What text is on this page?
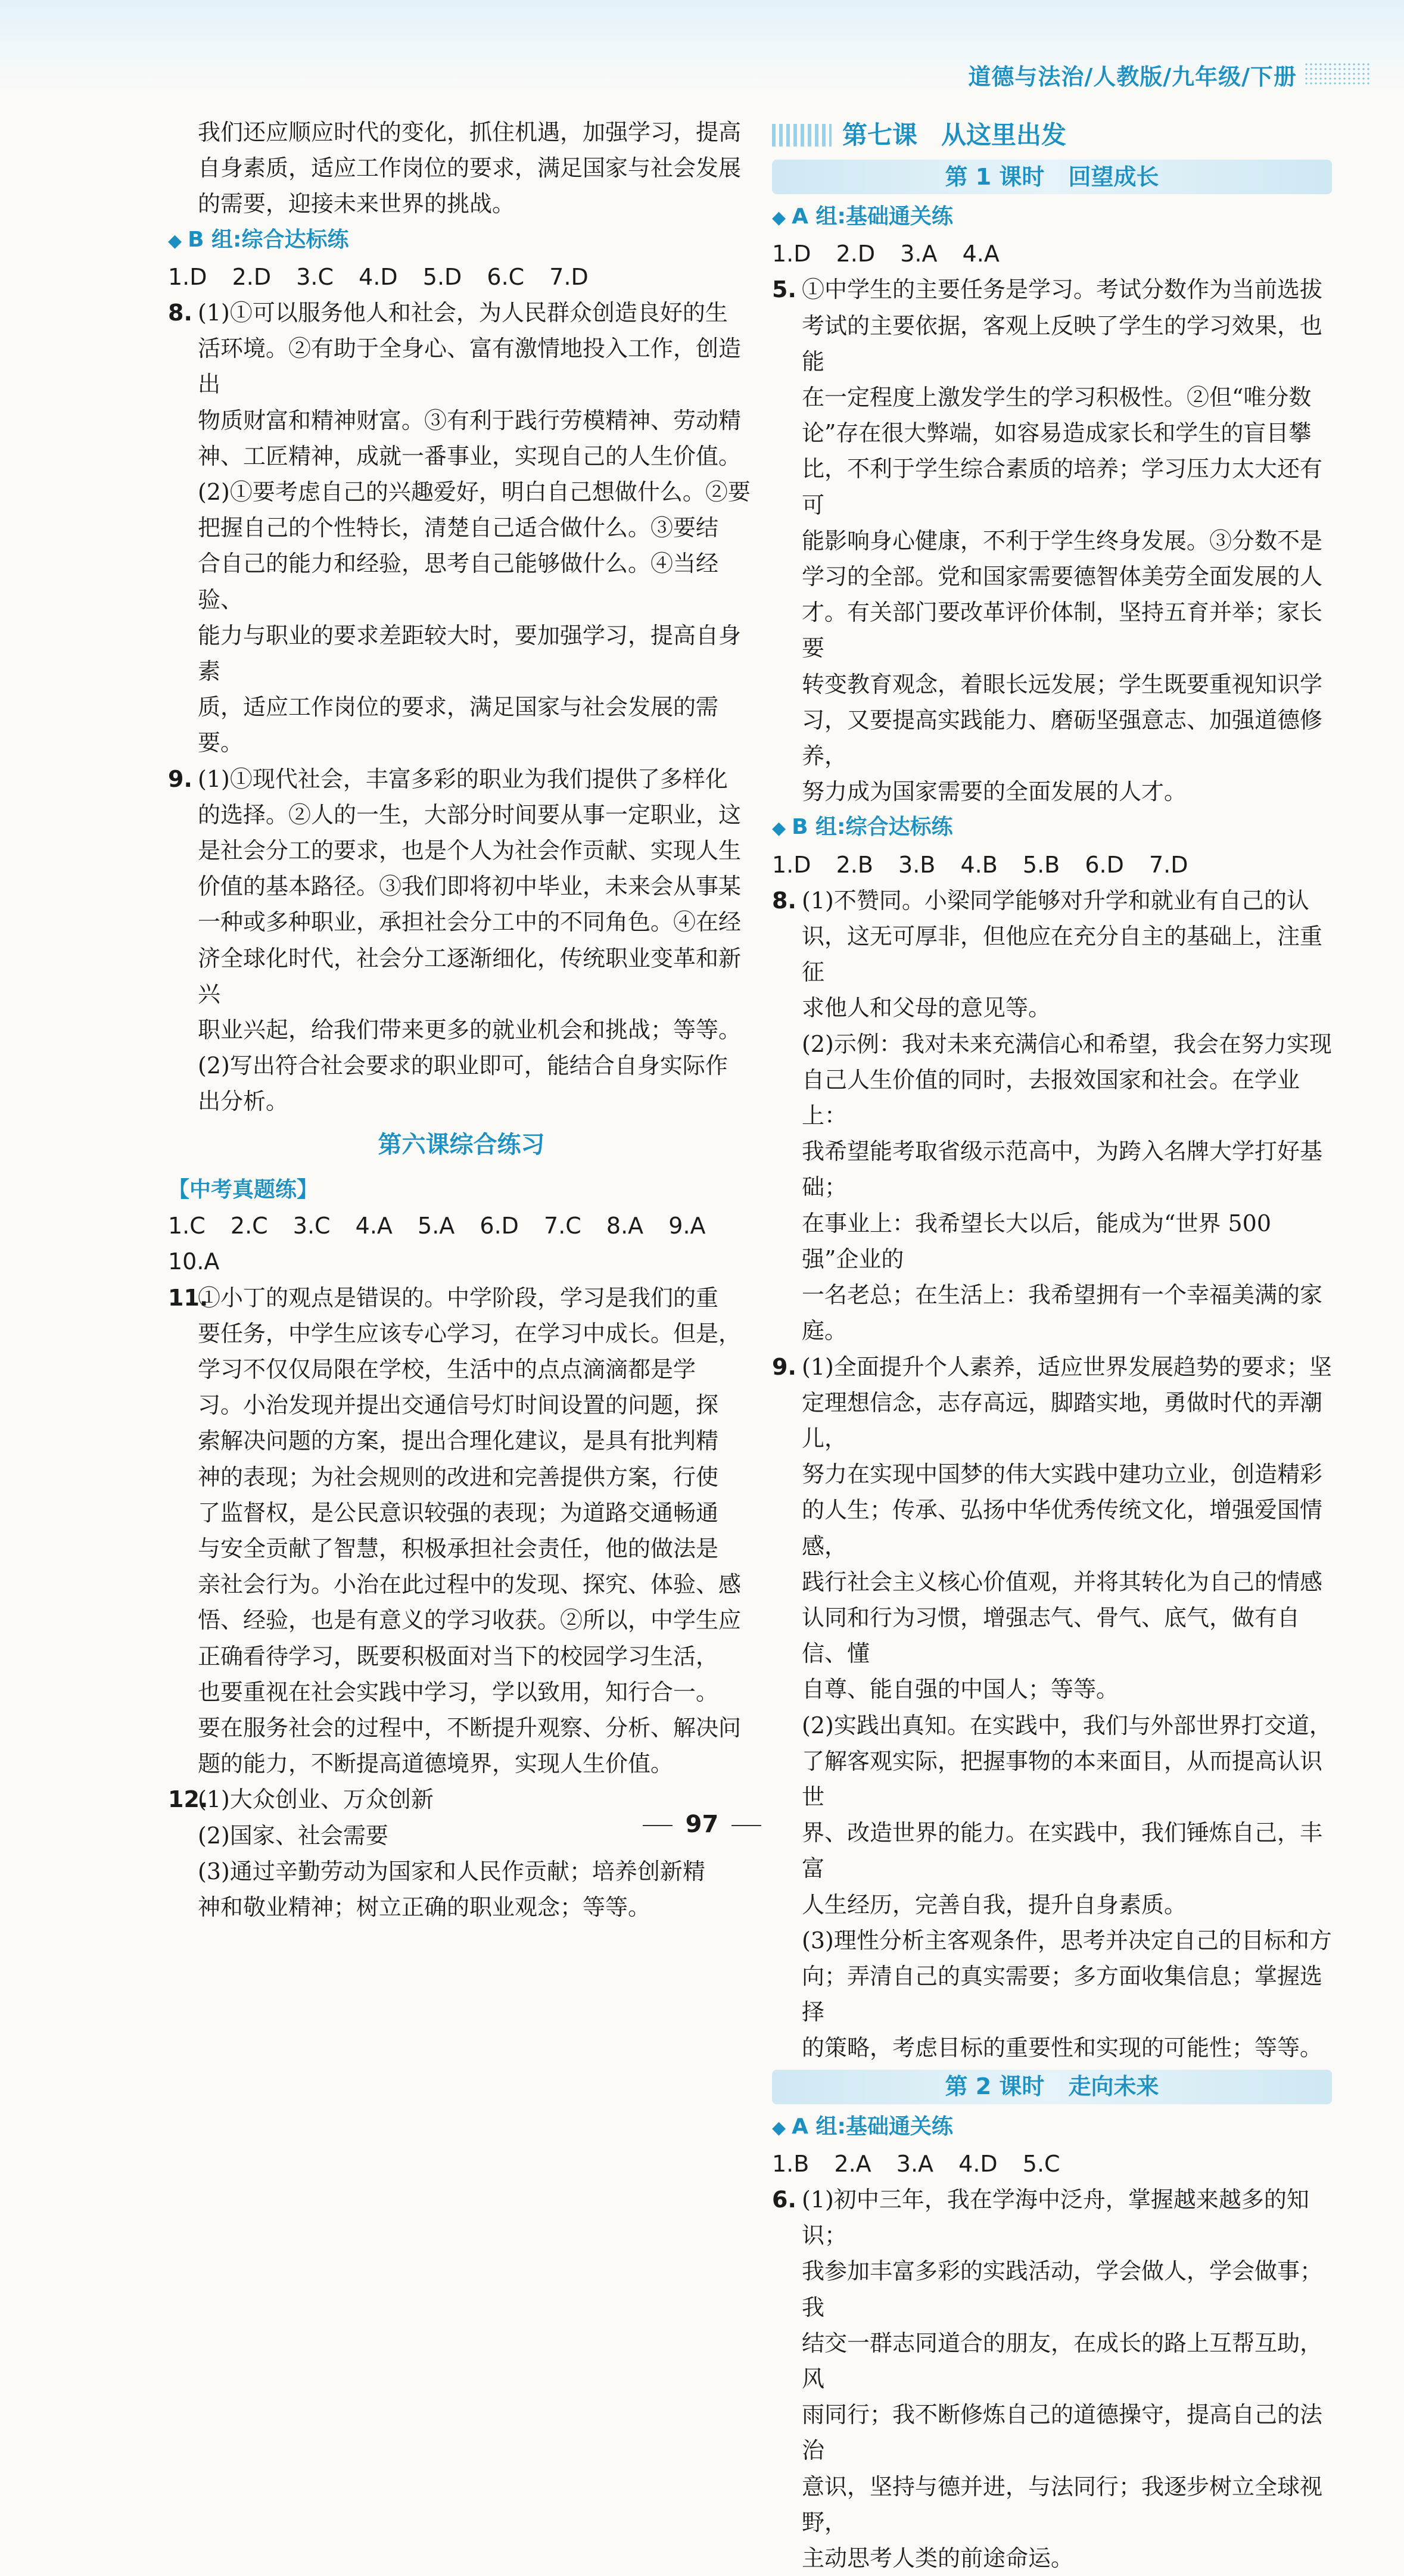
道德与法治/人教版/九年级/下册

我们还应顺应时代的变化，抓住机遇，加强学习，提高

自身素质，适应工作岗位的要求，满足国家与社会发展

的需要，迎接未来世界的挑战。

◆ B 组:综合达标练
1.D 2.D 3.C 4.D 5.D 6.C 7.D

8. (1)①可以服务他人和社会，为人民群众创造良好的生

活环境。②有助于全身心、富有激情地投入工作，创造出

物质财富和精神财富。③有利于践行劳模精神、劳动精

神、工匠精神，成就一番事业，实现自己的人生价值。

(2)①要考虑自己的兴趣爱好，明白自己想做什么。②要

把握自己的个性特长，清楚自己适合做什么。③要结

合自己的能力和经验，思考自己能够做什么。④当经验、

能力与职业的要求差距较大时，要加强学习，提高自身素

质，适应工作岗位的要求，满足国家与社会发展的需要。

9. (1)①现代社会，丰富多彩的职业为我们提供了多样化

的选择。②人的一生，大部分时间要从事一定职业，这

是社会分工的要求，也是个人为社会作贡献、实现人生

价值的基本路径。③我们即将初中毕业，未来会从事某

一种或多种职业，承担社会分工中的不同角色。④在经

济全球化时代，社会分工逐渐细化，传统职业变革和新兴

职业兴起，给我们带来更多的就业机会和挑战；等等。

(2)写出符合社会要求的职业即可，能结合自身实际作

出分析。

第六课综合练习
【中考真题练】
1.C 2.C 3.C 4.A 5.A 6.D 7.C 8.A 9.A
10.A

11.①小丁的观点是错误的。中学阶段，学习是我们的重

要任务，中学生应该专心学习，在学习中成长。但是，

学习不仅仅局限在学校，生活中的点点滴滴都是学

习。小治发现并提出交通信号灯时间设置的问题，探

索解决问题的方案，提出合理化建议，是具有批判精

神的表现；为社会规则的改进和完善提供方案，行使

了监督权，是公民意识较强的表现；为道路交通畅通

与安全贡献了智慧，积极承担社会责任，他的做法是

亲社会行为。小治在此过程中的发现、探究、体验、感

悟、经验，也是有意义的学习收获。②所以，中学生应

正确看待学习，既要积极面对当下的校园学习生活，

也要重视在社会实践中学习，学以致用，知行合一。

要在服务社会的过程中，不断提升观察、分析、解决问

题的能力，不断提高道德境界，实现人生价值。

12.(1)大众创业、万众创新

(2)国家、社会需要

(3)通过辛勤劳动为国家和人民作贡献；培养创新精

神和敬业精神；树立正确的职业观念；等等。

第七课 从这里出发
第 1 课时 回望成长
◆ A 组:基础通关练
1.D 2.D 3.A 4.A

5. ①中学生的主要任务是学习。考试分数作为当前选拔

考试的主要依据，客观上反映了学生的学习效果，也能

在一定程度上激发学生的学习积极性。②但“唯分数

论”存在很大弊端，如容易造成家长和学生的盲目攀

比，不利于学生综合素质的培养；学习压力太大还有可

能影响身心健康，不利于学生终身发展。③分数不是

学习的全部。党和国家需要德智体美劳全面发展的人

才。有关部门要改革评价体制，坚持五育并举；家长要

转变教育观念，着眼长远发展；学生既要重视知识学

习，又要提高实践能力、磨砺坚强意志、加强道德修养，

努力成为国家需要的全面发展的人才。

◆ B 组:综合达标练
1.D 2.B 3.B 4.B 5.B 6.D 7.D

8. (1)不赞同。小梁同学能够对升学和就业有自己的认

识，这无可厚非，但他应在充分自主的基础上，注重征

求他人和父母的意见等。

(2)示例：我对未来充满信心和希望，我会在努力实现

自己人生价值的同时，去报效国家和社会。在学业上：

我希望能考取省级示范高中，为跨入名牌大学打好基础；

在事业上：我希望长大以后，能成为“世界 500 强”企业的

一名老总；在生活上：我希望拥有一个幸福美满的家庭。

9. (1)全面提升个人素养，适应世界发展趋势的要求；坚

定理想信念，志存高远，脚踏实地，勇做时代的弄潮儿，

努力在实现中国梦的伟大实践中建功立业，创造精彩

的人生；传承、弘扬中华优秀传统文化，增强爱国情感，

践行社会主义核心价值观，并将其转化为自己的情感

认同和行为习惯，增强志气、骨气、底气，做有自信、懂

自尊、能自强的中国人；等等。

(2)实践出真知。在实践中，我们与外部世界打交道，

了解客观实际，把握事物的本来面目，从而提高认识世

界、改造世界的能力。在实践中，我们锤炼自己，丰富

人生经历，完善自我，提升自身素质。

(3)理性分析主客观条件，思考并决定自己的目标和方

向；弄清自己的真实需要；多方面收集信息；掌握选择

的策略，考虑目标的重要性和实现的可能性；等等。

第 2 课时 走向未来
◆ A 组:基础通关练
1.B 2.A 3.A 4.D 5.C

6. (1)初中三年，我在学海中泛舟，掌握越来越多的知识；

我参加丰富多彩的实践活动，学会做人，学会做事；我

结交一群志同道合的朋友，在成长的路上互帮互助，风

雨同行；我不断修炼自己的道德操守，提高自己的法治

意识，坚持与德并进，与法同行；我逐步树立全球视野，

主动思考人类的前途命运。

97
